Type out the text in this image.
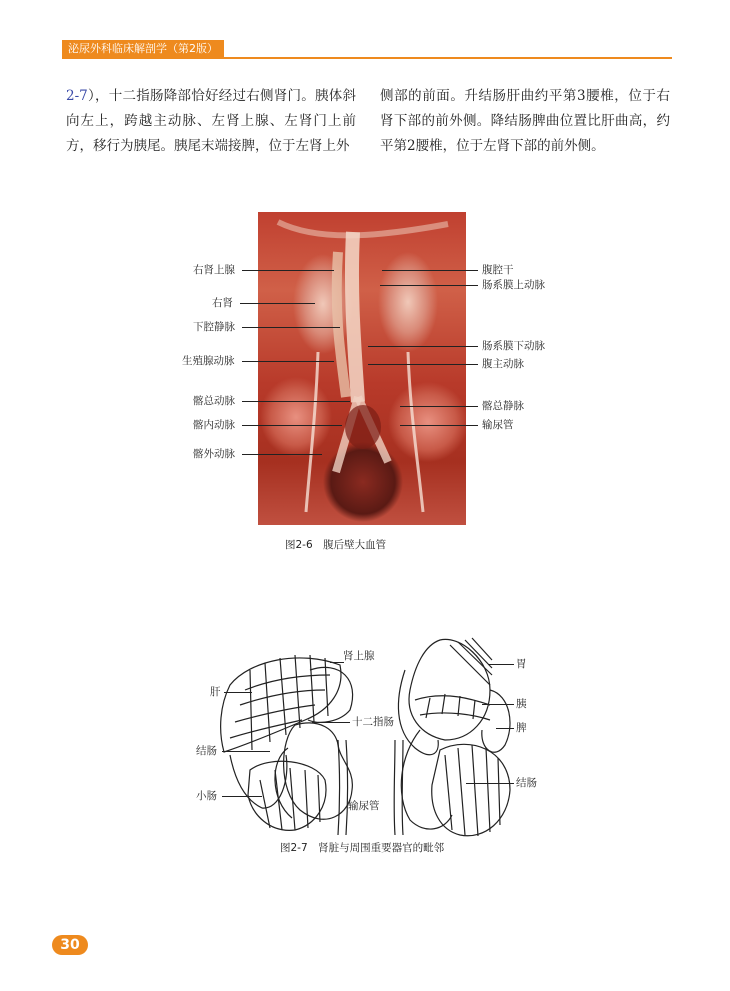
泌尿外科临床解剖学（第2版）

2-7），十二指肠降部恰好经过右侧肾门。胰体斜向左上，跨越主动脉、左肾上腺、左肾门上前方，移行为胰尾。胰尾末端接脾，位于左肾上外

侧部的前面。升结肠肝曲约平第3腰椎，位于右肾下部的前外侧。降结肠脾曲位置比肝曲高，约平第2腰椎，位于左肾下部的前外侧。

右肾上腺
右肾
下腔静脉
生殖腺动脉
髂总动脉
髂内动脉
髂外动脉
腹腔干
肠系膜上动脉
肠系膜下动脉
腹主动脉
髂总静脉
输尿管
图2-6　腹后壁大血管
肾上腺
肝
十二指肠
结肠
小肠
输尿管
胃
胰
脾
结肠
图2-7　肾脏与周围重要器官的毗邻
30
